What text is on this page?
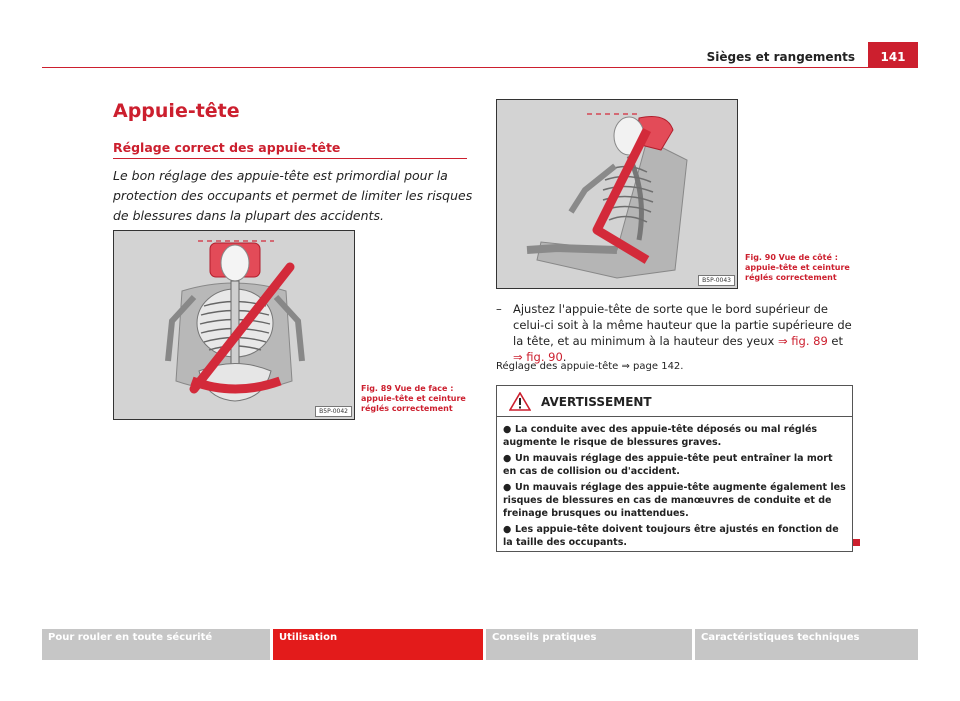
Sièges et rangements	141
Appuie-tête
Réglage correct des appuie-tête
Le bon réglage des appuie-tête est primordial pour la protection des occupants et permet de limiter les risques de blessures dans la plupart des accidents.
B5P-0042
Fig. 89 Vue de face : appuie-tête et ceinture réglés correctement
B5P-0043
Fig. 90 Vue de côté : appuie-tête et ceinture réglés correctement
– Ajustez l'appuie-tête de sorte que le bord supérieur de celui-ci soit à la même hauteur que la partie supérieure de la tête, et au minimum à la hauteur des yeux ⇒ fig. 89 et ⇒ fig. 90.
Réglage des appuie-tête ⇒ page 142.
AVERTISSEMENT
● La conduite avec des appuie-tête déposés ou mal réglés augmente le risque de blessures graves.
● Un mauvais réglage des appuie-tête peut entraîner la mort en cas de collision ou d'accident.
● Un mauvais réglage des appuie-tête augmente également les risques de blessures en cas de manœuvres de conduite et de freinage brusques ou inattendues.
● Les appuie-tête doivent toujours être ajustés en fonction de la taille des occupants.
Pour rouler en toute sécurité	Utilisation	Conseils pratiques	Caractéristiques techniques
